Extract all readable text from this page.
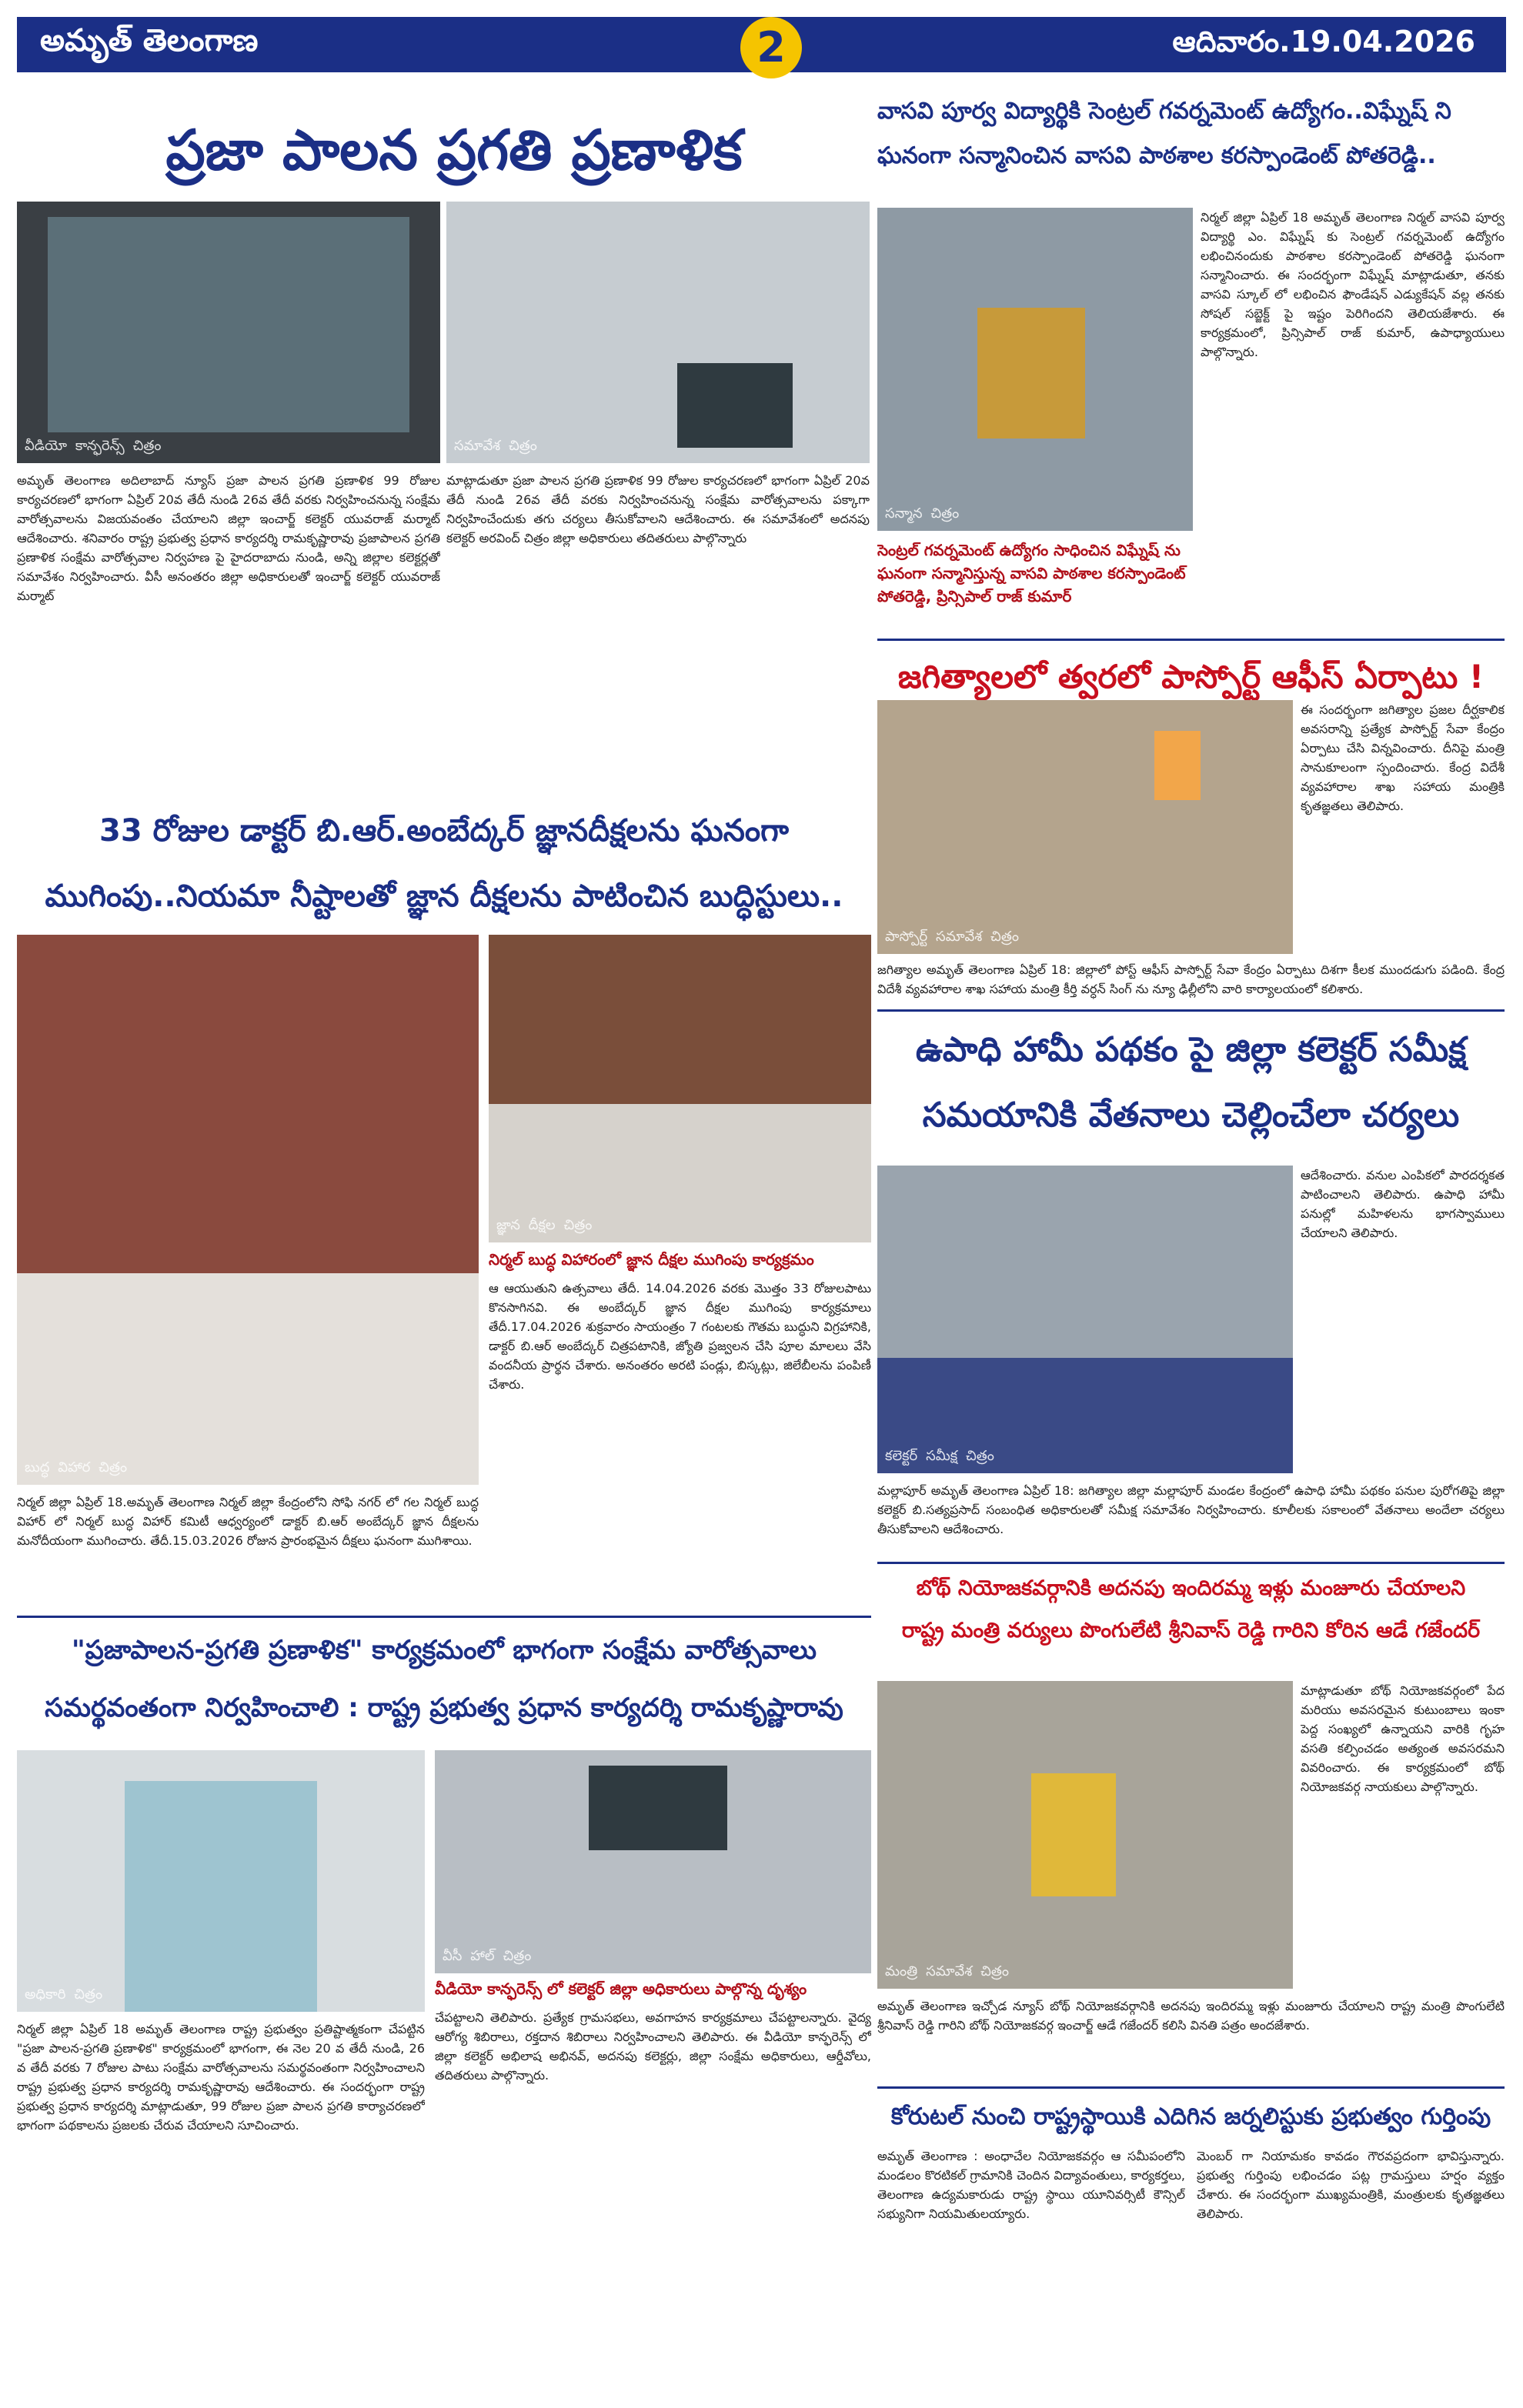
అమృత్ తెలంగాణ	2	ఆదివారం.19.04.2026
ప్రజా పాలన ప్రగతి ప్రణాళిక
వీడియో కాన్ఫరెన్స్ చిత్రం	సమావేశ చిత్రం
అమృత్ తెలంగాణ అదిలాబాద్ న్యూస్ ప్రజా పాలన ప్రగతి ప్రణాళిక 99 రోజుల కార్యచరణలో భాగంగా ఏప్రిల్ 20వ తేదీ నుండి 26వ తేదీ వరకు నిర్వహించనున్న సంక్షేమ వారోత్సవాలను విజయవంతం చేయాలని జిల్లా ఇంచార్జ్ కలెక్టర్ యువరాజ్ మర్మాట్ ఆదేశించారు. శనివారం రాష్ట్ర ప్రభుత్వ ప్రధాన కార్యదర్శి రామకృష్ణారావు ప్రజాపాలన ప్రగతి ప్రణాళిక సంక్షేమ వారోత్సవాల నిర్వహణ పై హైదరాబాదు నుండి, అన్ని జిల్లాల కలెక్టర్లతో సమావేశం నిర్వహించారు. వీసీ అనంతరం జిల్లా అధికారులతో ఇంచార్జ్ కలెక్టర్ యువరాజ్ మర్మాట్
మాట్లాడుతూ ప్రజా పాలన ప్రగతి ప్రణాళిక 99 రోజుల కార్యచరణలో భాగంగా ఏప్రిల్ 20వ తేదీ నుండి 26వ తేదీ వరకు నిర్వహించనున్న సంక్షేమ వారోత్సవాలను పక్కాగా నిర్వహించేందుకు తగు చర్యలు తీసుకోవాలని ఆదేశించారు. ఈ సమావేశంలో అదనపు కలెక్టర్ అరవింద్ చిత్రం జిల్లా అధికారులు తదితరులు పాల్గొన్నారు
వాసవి పూర్వ విద్యార్థికి సెంట్రల్ గవర్నమెంట్ ఉద్యోగం..విఘ్నేష్ ని
ఘనంగా సన్మానించిన వాసవి పాఠశాల కరస్పాండెంట్ పోతరెడ్డి..
సన్మాన చిత్రం
సెంట్రల్ గవర్నమెంట్ ఉద్యోగం సాధించిన విఘ్నేష్ ను ఘనంగా సన్మానిస్తున్న వాసవి పాఠశాల కరస్పాండెంట్ పోతరెడ్డి, ప్రిన్సిపాల్ రాజ్ కుమార్
నిర్మల్ జిల్లా ఏప్రిల్ 18 అమృత్ తెలంగాణ నిర్మల్ వాసవి పూర్వ విద్యార్థి ఎం. విఘ్నేష్ కు సెంట్రల్ గవర్నమెంట్ ఉద్యోగం లభించినందుకు పాఠశాల కరస్పాండెంట్ పోతరెడ్డి ఘనంగా సన్మానించారు. ఈ సందర్భంగా విఘ్నేష్ మాట్లాడుతూ, తనకు వాసవి స్కూల్ లో లభించిన ఫౌండేషన్ ఎడ్యుకేషన్ వల్ల తనకు సోషల్ సబ్జెక్ట్ పై ఇష్టం పెరిగిందని తెలియజేశారు. ఈ కార్యక్రమంలో, ప్రిన్సిపాల్ రాజ్ కుమార్, ఉపాధ్యాయులు పాల్గొన్నారు.
జగిత్యాలలో త్వరలో పాస్పోర్ట్ ఆఫీస్ ఏర్పాటు !
పాస్పోర్ట్ సమావేశ చిత్రం
ఈ సందర్భంగా జగిత్యాల ప్రజల దీర్ఘకాలిక అవసరాన్ని ప్రత్యేక పాస్పోర్ట్ సేవా కేంద్రం ఏర్పాటు చేసి విన్నవించారు. దీనిపై మంత్రి సానుకూలంగా స్పందించారు. కేంద్ర విదేశీ వ్యవహారాల శాఖ సహాయ మంత్రికి కృతజ్ఞతలు తెలిపారు.
జగిత్యాల అమృత్ తెలంగాణ ఏప్రిల్ 18: జిల్లాలో పోస్ట్ ఆఫీస్ పాస్పోర్ట్ సేవా కేంద్రం ఏర్పాటు దిశగా కీలక ముందడుగు పడింది. కేంద్ర విదేశీ వ్యవహారాల శాఖ సహాయ మంత్రి కీర్తి వర్ధన్ సింగ్ ను న్యూ ఢిల్లీలోని వారి కార్యాలయంలో కలిశారు.
ఉపాధి హామీ పథకం పై జిల్లా కలెక్టర్ సమీక్ష
సమయానికి వేతనాలు చెల్లించేలా చర్యలు
కలెక్టర్ సమీక్ష చిత్రం
ఆదేశించారు. వనుల ఎంపికలో పారదర్శకత పాటించాలని తెలిపారు. ఉపాధి హామీ పనుల్లో మహిళలను భాగస్వాములు చేయాలని తెలిపారు.
మల్లాపూర్ అమృత్ తెలంగాణ ఏప్రిల్ 18: జగిత్యాల జిల్లా మల్లాపూర్ మండల కేంద్రంలో ఉపాధి హామీ పథకం పనుల పురోగతిపై జిల్లా కలెక్టర్ బి.సత్యప్రసాద్ సంబంధిత అధికారులతో సమీక్ష సమావేశం నిర్వహించారు. కూలీలకు సకాలంలో వేతనాలు అందేలా చర్యలు తీసుకోవాలని ఆదేశించారు.
33 రోజుల డాక్టర్ బి.ఆర్.అంబేద్కర్ జ్ఞానదీక్షలను ఘనంగా
ముగింపు..నియమా నీష్టాలతో జ్ఞాన దీక్షలను పాటించిన బుద్ధిస్టులు..
బుద్ధ విహార చిత్రం
జ్ఞాన దీక్షల చిత్రం
నిర్మల్ బుద్ధ విహారంలో జ్ఞాన దీక్షల ముగింపు కార్యక్రమం
నిర్మల్ జిల్లా ఏప్రిల్ 18.అమృత్ తెలంగాణ నిర్మల్ జిల్లా కేంద్రంలోని సోఫి నగర్ లో గల నిర్మల్ బుద్ధ విహార్ లో నిర్మల్ బుద్ధ విహార్ కమిటీ ఆధ్వర్యంలో డాక్టర్ బి.ఆర్ అంబేద్కర్ జ్ఞాన దీక్షలను మనోదీయంగా ముగించారు. తేదీ.15.03.2026 రోజున ప్రారంభమైన దీక్షలు ఘనంగా ముగిశాయి.
ఆ ఆయుతుని ఉత్సవాలు తేదీ. 14.04.2026 వరకు మొత్తం 33 రోజులపాటు కొనసాగినవి. ఈ అంబేద్కర్ జ్ఞాన దీక్షల ముగింపు కార్యక్రమాలు తేదీ.17.04.2026 శుక్రవారం సాయంత్రం 7 గంటలకు గౌతమ బుద్ధుని విగ్రహానికి, డాక్టర్ బి.ఆర్ అంబేద్కర్ చిత్రపటానికి, జ్యోతి ప్రజ్వలన చేసి పూల మాలలు వేసి వందనీయ ప్రార్థన చేశారు. అనంతరం అరటి పండ్లు, బిస్కట్లు, జిలేబీలను పంపిణీ చేశారు.
"ప్రజాపాలన-ప్రగతి ప్రణాళిక" కార్యక్రమంలో భాగంగా సంక్షేమ వారోత్సవాలు
సమర్థవంతంగా నిర్వహించాలి : రాష్ట్ర ప్రభుత్వ ప్రధాన కార్యదర్శి రామకృష్ణారావు
అధికారి చిత్రం
వీసీ హాల్ చిత్రం
వీడియో కాన్ఫరెన్స్ లో కలెక్టర్ జిల్లా అధికారులు పాల్గొన్న దృశ్యం
నిర్మల్ జిల్లా ఏప్రిల్ 18 అమృత్ తెలంగాణ రాష్ట్ర ప్రభుత్వం ప్రతిష్టాత్మకంగా చేపట్టిన "ప్రజా పాలన-ప్రగతి ప్రణాళిక" కార్యక్రమంలో భాగంగా, ఈ నెల 20 వ తేదీ నుండి, 26 వ తేదీ వరకు 7 రోజుల పాటు సంక్షేమ వారోత్సవాలను సమర్థవంతంగా నిర్వహించాలని రాష్ట్ర ప్రభుత్వ ప్రధాన కార్యదర్శి రామకృష్ణారావు ఆదేశించారు. ఈ సందర్భంగా రాష్ట్ర ప్రభుత్వ ప్రధాన కార్యదర్శి మాట్లాడుతూ, 99 రోజుల ప్రజా పాలన ప్రగతి కార్యాచరణలో భాగంగా పథకాలను ప్రజలకు చేరువ చేయాలని సూచించారు.
చేపట్టాలని తెలిపారు. ప్రత్యేక గ్రామసభలు, అవగాహన కార్యక్రమాలు చేపట్టాలన్నారు. వైద్య ఆరోగ్య శిబిరాలు, రక్తదాన శిబిరాలు నిర్వహించాలని తెలిపారు. ఈ వీడియో కాన్ఫరెన్స్ లో జిల్లా కలెక్టర్ అభిలాష అభినవ్, అదనపు కలెక్టర్లు, జిల్లా సంక్షేమ అధికారులు, ఆర్డీవోలు, తదితరులు పాల్గొన్నారు.
బోథ్ నియోజకవర్గానికి అదనపు ఇందిరమ్మ ఇళ్లు మంజూరు చేయాలని
రాష్ట్ర మంత్రి వర్యులు పొంగులేటి శ్రీనివాస్ రెడ్డి గారిని కోరిన ఆడే గజేందర్
మంత్రి సమావేశ చిత్రం
మాట్లాడుతూ బోథ్ నియోజకవర్గంలో పేద మరియు అవసరమైన కుటుంబాలు ఇంకా పెద్ద సంఖ్యలో ఉన్నాయని వారికి గృహ వసతి కల్పించడం అత్యంత అవసరమని వివరించారు. ఈ కార్యక్రమంలో బోథ్ నియోజకవర్గ నాయకులు పాల్గొన్నారు.
అమృత్ తెలంగాణ ఇచ్చోడ న్యూస్ బోథ్ నియోజకవర్గానికి అదనపు ఇందిరమ్మ ఇళ్లు మంజూరు చేయాలని రాష్ట్ర మంత్రి పొంగులేటి శ్రీనివాస్ రెడ్డి గారిని బోథ్ నియోజకవర్గ ఇంచార్జ్ ఆడే గజేందర్ కలిసి వినతి పత్రం అందజేశారు.
కోరుటల్ నుంచి రాష్ట్రస్థాయికి ఎదిగిన జర్నలిస్టుకు ప్రభుత్వం గుర్తింపు
అమృత్ తెలంగాణ : అంధాచేల నియోజకవర్గం ఆ సమీపంలోని మండలం కొరటికల్ గ్రామానికి చెందిన విద్యావంతులు, కార్యకర్తలు, తెలంగాణ ఉద్యమకారుడు రాష్ట్ర స్థాయి యూనివర్సిటీ కౌన్సిల్ సభ్యునిగా నియమితులయ్యారు.
మెంబర్ గా నియామకం కావడం గౌరవప్రదంగా భావిస్తున్నారు. ప్రభుత్వ గుర్తింపు లభించడం పట్ల గ్రామస్తులు హర్షం వ్యక్తం చేశారు. ఈ సందర్భంగా ముఖ్యమంత్రికి, మంత్రులకు కృతజ్ఞతలు తెలిపారు.
